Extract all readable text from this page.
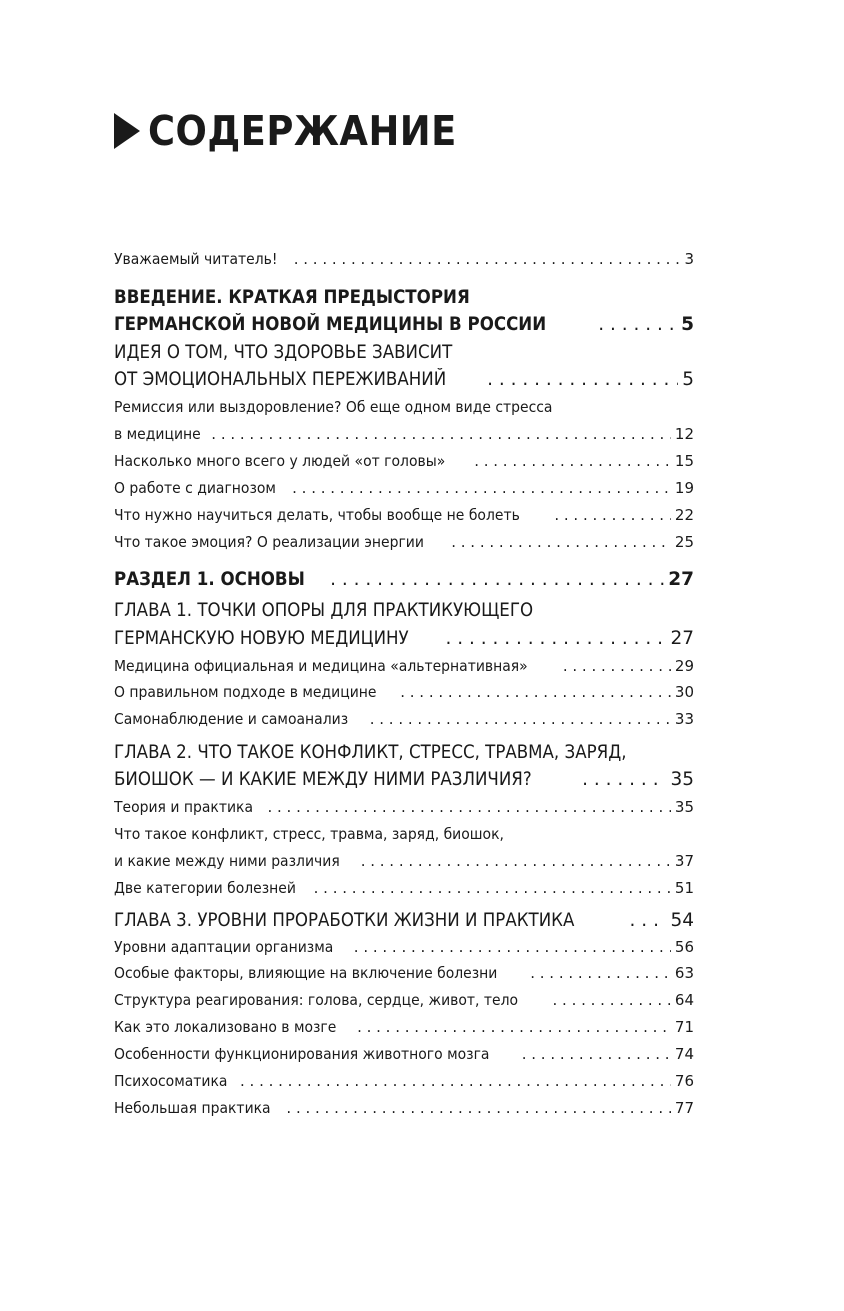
СОДЕРЖАНИЕ
Уважаемый читатель! . . .	3
ВВЕДЕНИЕ. КРАТКАЯ ПРЕДЫСТОРИЯ
ГЕРМАНСКОЙ НОВОЙ МЕДИЦИНЫ В РОССИИ . . .	5
ИДЕЯ О ТОМ, ЧТО ЗДОРОВЬЕ ЗАВИСИТ
ОТ ЭМОЦИОНАЛЬНЫХ ПЕРЕЖИВАНИЙ . . .	5
Ремиссия или выздоровление? Об еще одном виде стресса
в медицине . . .	12
Насколько много всего у людей «от головы» . . .	15
О работе с диагнозом . . .	19
Что нужно научиться делать, чтобы вообще не болеть . . .	22
Что такое эмоция? О реализации энергии . . .	25
РАЗДЕЛ 1. ОСНОВЫ . . .	27
ГЛАВА 1. ТОЧКИ ОПОРЫ ДЛЯ ПРАКТИКУЮЩЕГО
ГЕРМАНСКУЮ НОВУЮ МЕДИЦИНУ . . .	27
Медицина официальная и медицина «альтернативная» . . .	29
О правильном подходе в медицине . . .	30
Самонаблюдение и самоанализ . . .	33
ГЛАВА 2. ЧТО ТАКОЕ КОНФЛИКТ, СТРЕСС, ТРАВМА, ЗАРЯД,
БИОШОК — И КАКИЕ МЕЖДУ НИМИ РАЗЛИЧИЯ? . . .	35
Теория и практика . . .	35
Что такое конфликт, стресс, травма, заряд, биошок,
и какие между ними различия . . .	37
Две категории болезней . . .	51
ГЛАВА 3. УРОВНИ ПРОРАБОТКИ ЖИЗНИ И ПРАКТИКА . . .	54
Уровни адаптации организма . . .	56
Особые факторы, влияющие на включение болезни . . .	63
Структура реагирования: голова, сердце, живот, тело . . .	64
Как это локализовано в мозге . . .	71
Особенности функционирования животного мозга . . .	74
Психосоматика . . .	76
Небольшая практика . . .	77
